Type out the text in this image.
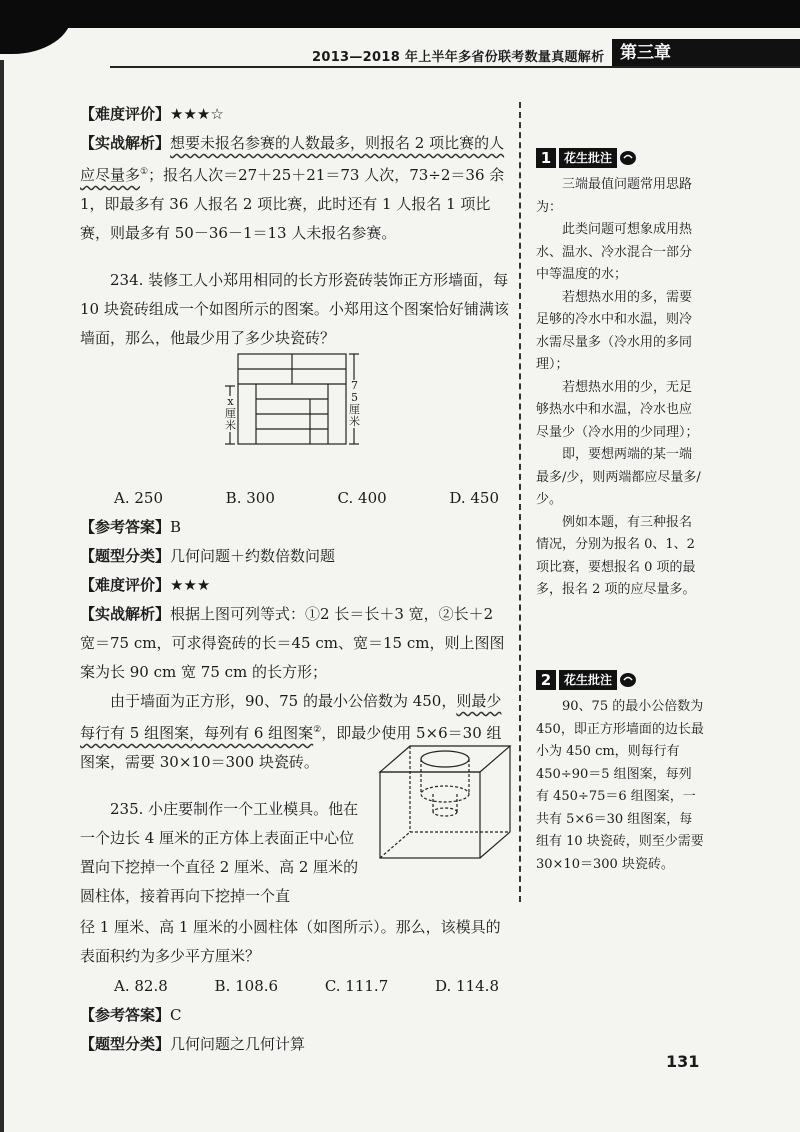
2013—2018 年上半年多省份联考数量真题解析 第三章

【难度评价】★★★☆

【实战解析】想要未报名参赛的人数最多，则报名 2 项比赛的人应尽量多①；报名人次＝27＋25＋21＝73 人次，73÷2＝36 余 1，即最多有 36 人报名 2 项比赛，此时还有 1 人报名 1 项比赛，则最多有 50－36－1＝13 人未报名参赛。

234. 装修工人小郑用相同的长方形瓷砖装饰正方形墙面，每 10 块瓷砖组成一个如图所示的图案。小郑用这个图案恰好铺满该墙面，那么，他最少用了多少块瓷砖？

A. 250	B. 300	C. 400	D. 450

【参考答案】B

【题型分类】几何问题＋约数倍数问题

【难度评价】★★★

【实战解析】根据上图可列等式：①2 长＝长＋3 宽，②长＋2 宽＝75 cm，可求得瓷砖的长＝45 cm、宽＝15 cm，则上图图案为长 90 cm 宽 75 cm 的长方形；

由于墙面为正方形，90、75 的最小公倍数为 450，则最少每行有 5 组图案，每列有 6 组图案②，即最少使用 5×6＝30 组图案，需要 30×10＝300 块瓷砖。

235. 小庄要制作一个工业模具。他在一个边长 4 厘米的正方体上表面正中心位置向下挖掉一个直径 2 厘米、高 2 厘米的圆柱体，接着再向下挖掉一个直

径 1 厘米、高 1 厘米的小圆柱体（如图所示）。那么，该模具的表面积约为多少平方厘米？

A. 82.8	B. 108.6	C. 111.7	D. 114.8

【参考答案】C

【题型分类】几何问题之几何计算

x厘米
75厘米
1	花生批注

三端最值问题常用思路为：

此类问题可想象成用热水、温水、冷水混合一部分中等温度的水；

若想热水用的多，需要足够的冷水中和水温，则冷水需尽量多（冷水用的多同理）；

若想热水用的少，无足够热水中和水温，冷水也应尽量少（冷水用的少同理）；

即，要想两端的某一端最多/少，则两端都应尽量多/少。

例如本题，有三种报名情况，分别为报名 0、1、2 项比赛，要想报名 0 项的最多，报名 2 项的应尽量多。

2	花生批注

90、75 的最小公倍数为 450，即正方形墙面的边长最小为 450 cm，则每行有 450÷90＝5 组图案，每列有 450÷75＝6 组图案，一共有 5×6＝30 组图案，每组有 10 块瓷砖，则至少需要 30×10＝300 块瓷砖。

131
